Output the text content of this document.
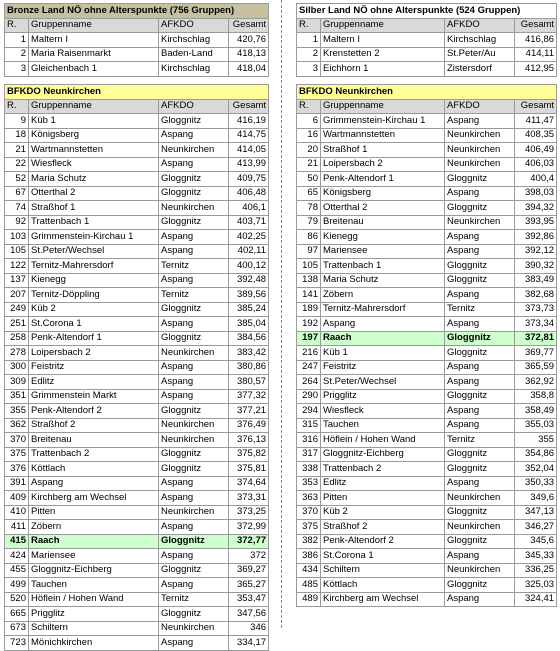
Bronze Land NÖ ohne Alterspunkte (756 Gruppen)			
R.	Gruppenname	AFKDO	Gesamt
1	Maltern I	Kirchschlag	420,76
2	Maria Raisenmarkt	Baden-Land	418,13
3	Gleichenbach 1	Kirchschlag	418,04
Silber Land NÖ ohne Alterspunkte (524 Gruppen)			
R.	Gruppenname	AFKDO	Gesamt
1	Maltern I	Kirchschlag	416,86
2	Krenstetten 2	St.Peter/Au	414,11
3	Eichhorn 1	Zistersdorf	412,95
BFKDO Neunkirchen			
R.	Gruppenname	AFKDO	Gesamt
9	Küb 1	Gloggnitz	416,19
18	Königsberg	Aspang	414,75
21	Wartmannstetten	Neunkirchen	414,05
22	Wiesfleck	Aspang	413,99
52	Maria Schutz	Gloggnitz	409,75
67	Otterthal 2	Gloggnitz	406,48
74	Straßhof 1	Neunkirchen	406,1
92	Trattenbach 1	Gloggnitz	403,71
103	Grimmenstein-Kirchau 1	Aspang	402,25
105	St.Peter/Wechsel	Aspang	402,11
122	Ternitz-Mahrersdorf	Ternitz	400,12
137	Kienegg	Aspang	392,48
207	Ternitz-Döppling	Ternitz	389,56
249	Küb 2	Gloggnitz	385,24
251	St.Corona 1	Aspang	385,04
258	Penk-Altendorf 1	Gloggnitz	384,56
278	Loipersbach 2	Neunkirchen	383,42
300	Feistritz	Aspang	380,86
309	Edlitz	Aspang	380,57
351	Grimmenstein Markt	Aspang	377,32
355	Penk-Altendorf 2	Gloggnitz	377,21
362	Straßhof 2	Neunkirchen	376,49
370	Breitenau	Neunkirchen	376,13
375	Trattenbach 2	Gloggnitz	375,82
376	Köttlach	Gloggnitz	375,81
391	Aspang	Aspang	374,64
409	Kirchberg am Wechsel	Aspang	373,31
410	Pitten	Neunkirchen	373,25
411	Zöbern	Aspang	372,99
415	Raach	Gloggnitz	372,77
424	Mariensee	Aspang	372
455	Gloggnitz-Eichberg	Gloggnitz	369,27
499	Tauchen	Aspang	365,27
520	Höflein / Hohen Wand	Ternitz	353,47
665	Prigglitz	Gloggnitz	347,56
673	Schiltern	Neunkirchen	346
723	Mönichkirchen	Aspang	334,17
BFKDO Neunkirchen			
R.	Gruppenname	AFKDO	Gesamt
6	Grimmenstein-Kirchau 1	Aspang	411,47
16	Wartmannstetten	Neunkirchen	408,35
20	Straßhof 1	Neunkirchen	406,49
21	Loipersbach 2	Neunkirchen	406,03
50	Penk-Altendorf 1	Gloggnitz	400,4
65	Königsberg	Aspang	398,03
78	Otterthal 2	Gloggnitz	394,32
79	Breitenau	Neunkirchen	393,95
86	Kienegg	Aspang	392,86
97	Mariensee	Aspang	392,12
105	Trattenbach 1	Gloggnitz	390,32
138	Maria Schutz	Gloggnitz	383,49
141	Zöbern	Aspang	382,68
189	Ternitz-Mahrersdorf	Ternitz	373,73
192	Aspang	Aspang	373,34
197	Raach	Gloggnitz	372,81
216	Küb 1	Gloggnitz	369,77
247	Feistritz	Aspang	365,59
264	St.Peter/Wechsel	Aspang	362,92
290	Prigglitz	Gloggnitz	358,8
294	Wiesfleck	Aspang	358,49
315	Tauchen	Aspang	355,03
316	Höflein / Hohen Wand	Ternitz	355
317	Gloggnitz-Eichberg	Gloggnitz	354,86
338	Trattenbach 2	Gloggnitz	352,04
353	Edlitz	Aspang	350,33
363	Pitten	Neunkirchen	349,6
370	Küb 2	Gloggnitz	347,13
375	Straßhof 2	Neunkirchen	346,27
382	Penk-Altendorf 2	Gloggnitz	345,6
386	St.Corona 1	Aspang	345,33
434	Schiltern	Neunkirchen	336,25
485	Köttlach	Gloggnitz	325,03
489	Kirchberg am Wechsel	Aspang	324,41
